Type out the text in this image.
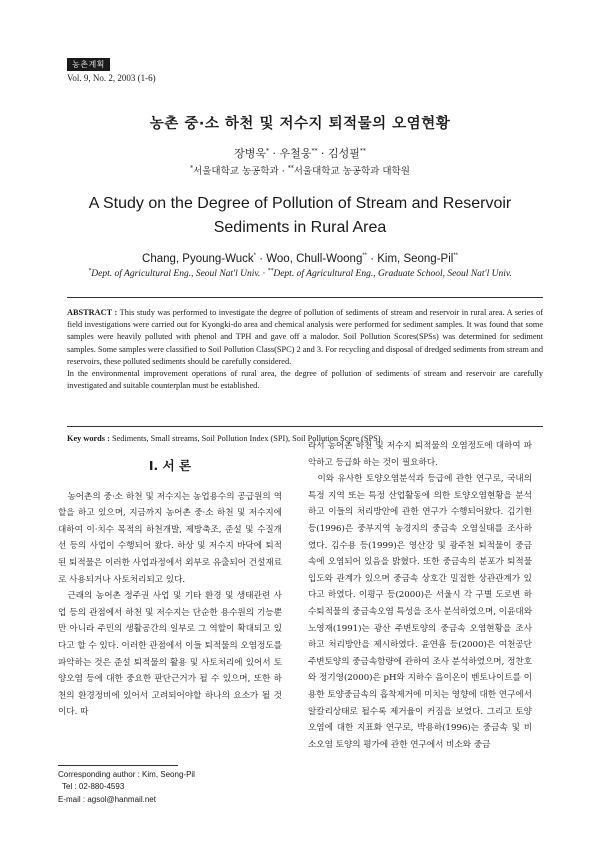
농촌계획
Vol. 9, No. 2, 2003 (1-6)
농촌 중·소 하천 및 저수지 퇴적물의 오염현황
장병욱* · 우철웅** · 김성필**
*서울대학교 농공학과 · **서울대학교 농공학과 대학원
A Study on the Degree of Pollution of Stream and Reservoir Sediments in Rural Area
Chang, Pyoung-Wuck* · Woo, Chull-Woong** · Kim, Seong-Pil**
*Dept. of Agricultural Eng., Seoul Nat'l Univ. · **Dept. of Agricultural Eng., Graduate School, Seoul Nat'l Univ.

ABSTRACT : This study was performed to investigate the degree of pollution of sediments of stream and reservoir in rural area. A series of field investigations were carried out for Kyongki-do area and chemical analysis were performed for sediment samples. It was found that some samples were heavily polluted with phenol and TPH and gave off a malodor. Soil Pollution Scores(SPSs) was determined for sediment samples. Some samples were classified to Soil Pollution Class(SPC) 2 and 3. For recycling and disposal of dredged sediments from stream and reservoirs, these polluted sediments should be carefully considered.

In the environmental improvement operations of rural area, the degree of pollution of sediments of stream and reservoir are carefully investigated and suitable counterplan must be established.

Key words : Sediments, Small streams, Soil Pollution Index (SPI), Soil Pollution Score (SPS)
I. 서 론

농어촌의 중·소 하천 및 저수지는 농업용수의 공급원의 역할을 하고 있으며, 지금까지 농어촌 중·소 하천 및 저수지에 대하여 이·치수 목적의 하천개발, 제방축조, 준설 및 수질개선 등의 사업이 수행되어 왔다. 하상 및 저수지 바닥에 퇴적된 퇴적물은 이러한 사업과정에서 외부로 유출되어 건설재료로 사용되거나 사토처리되고 있다.

근래의 농어촌 정주권 사업 및 기타 환경 및 생태관련 사업 등의 관점에서 하천 및 저수지는 단순한 용수원의 기능뿐만 아니라 주민의 생활공간의 일부로 그 역할이 확대되고 있다고 할 수 있다. 이러한 관점에서 이들 퇴적물의 오염정도를 파악하는 것은 준설 퇴적물의 활용 및 사토처리에 있어서 토양오염 등에 대한 중요한 판단근거가 될 수 있으며, 또한 하천의 환경정비에 있어서 고려되어야할 하나의 요소가 될 것이다. 따

라서 농어촌 하천 및 저수지 퇴적물의 오염정도에 대하여 파악하고 등급화 하는 것이 필요하다.

이와 유사한 토양오염분석과 등급에 관한 연구로, 국내의 특정 지역 또는 특정 산업활동에 의한 토양오염현황을 분석하고 이들의 처리방안에 관한 연구가 수행되어왔다. 김기현 등(1996)은 중부지역 농경지의 중금속 오염실태를 조사하였다. 김수용 등(1999)은 영산강 및 광주천 퇴적물이 중금속에 오염되어 있음을 밝혔다. 또한 중금속의 분포가 퇴적물 입도와 관계가 있으며 중금속 상호간 밀접한 상관관계가 있다고 하였다. 이평구 등(2000)은 서울시 각 구별 도로변 하수퇴적물의 중금속오염 특성을 조사 분석하였으며, 이윤대와 노영재(1991)는 광산 주변토양의 중금속 오염현황을 조사하고 처리방안을 제시하였다. 윤연흠 등(2000)은 여천공단 주변토양의 중금속함량에 관하여 조사 분석하였으며, 정찬호와 정기영(2000)은 pH와 지하수 음이온이 벤토나이트를 이용한 토양중금속의 흡착제거에 미치는 영향에 대한 연구에서 알칼리상태로 될수록 제거율이 커짐을 보였다. 그리고 토양오염에 대한 지표화 연구로, 박용하(1996)는 중금속 및 비소오염 토양의 평가에 관한 연구에서 비소와 중금

Corresponding author : Kim, Seong-Pil
Tel : 02-880-4593
E-mail : agsol@hanmail.net
